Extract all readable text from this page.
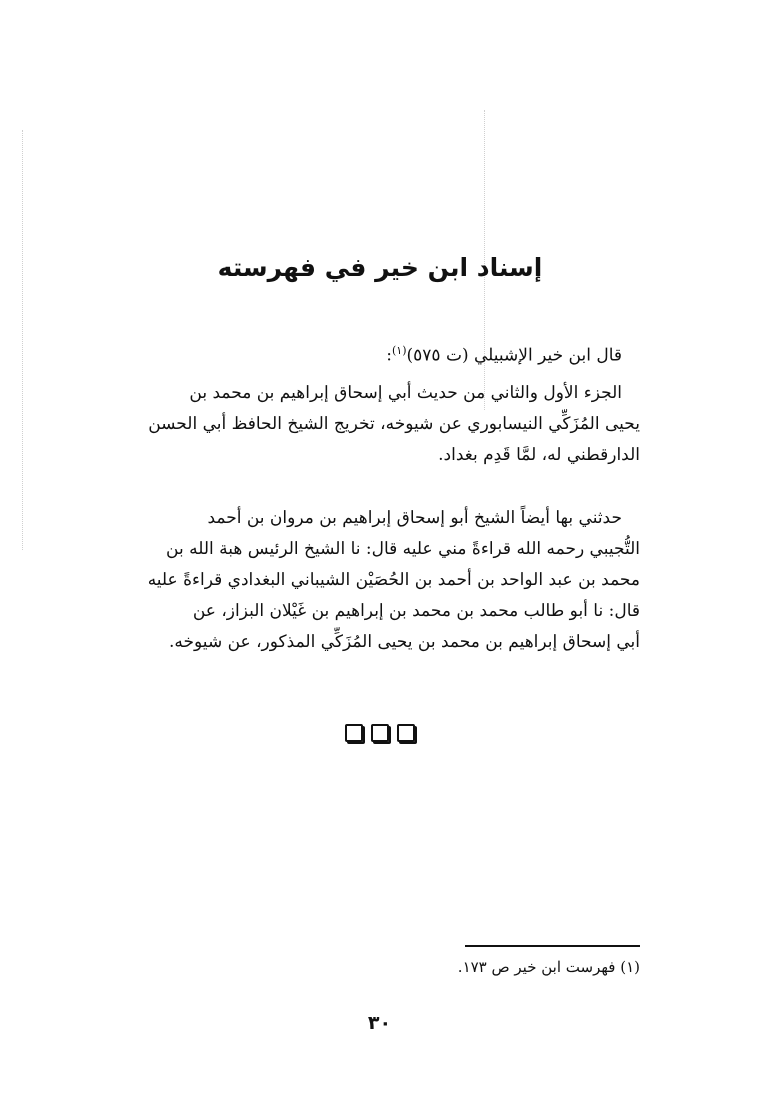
إسناد ابن خير في فهرسته
قال ابن خير الإشبيلي (ت ٥٧٥)$^{(١)}$:
الجزء الأول والثاني من حديث أبي إسحاق إبراهيم بن محمد بن
يحيى المُزَكِّي النيسابوري عن شيوخه، تخريج الشيخ الحافظ أبي الحسن
الدارقطني له، لمَّا قَدِم بغداد.
حدثني بها أيضاً الشيخ أبو إسحاق إبراهيم بن مروان بن أحمد
التُّجيبي رحمه الله قراءةً مني عليه قال: نا الشيخ الرئيس هبة الله بن
محمد بن عبد الواحد بن أحمد بن الحُصَيْن الشيباني البغدادي قراءةً عليه
قال: نا أبو طالب محمد بن محمد بن إبراهيم بن غَيْلان البزاز، عن
أبي إسحاق إبراهيم بن محمد بن يحيى المُزَكِّي المذكور، عن شيوخه.
(١) فهرست ابن خير ص ١٧٣.
٣٠
